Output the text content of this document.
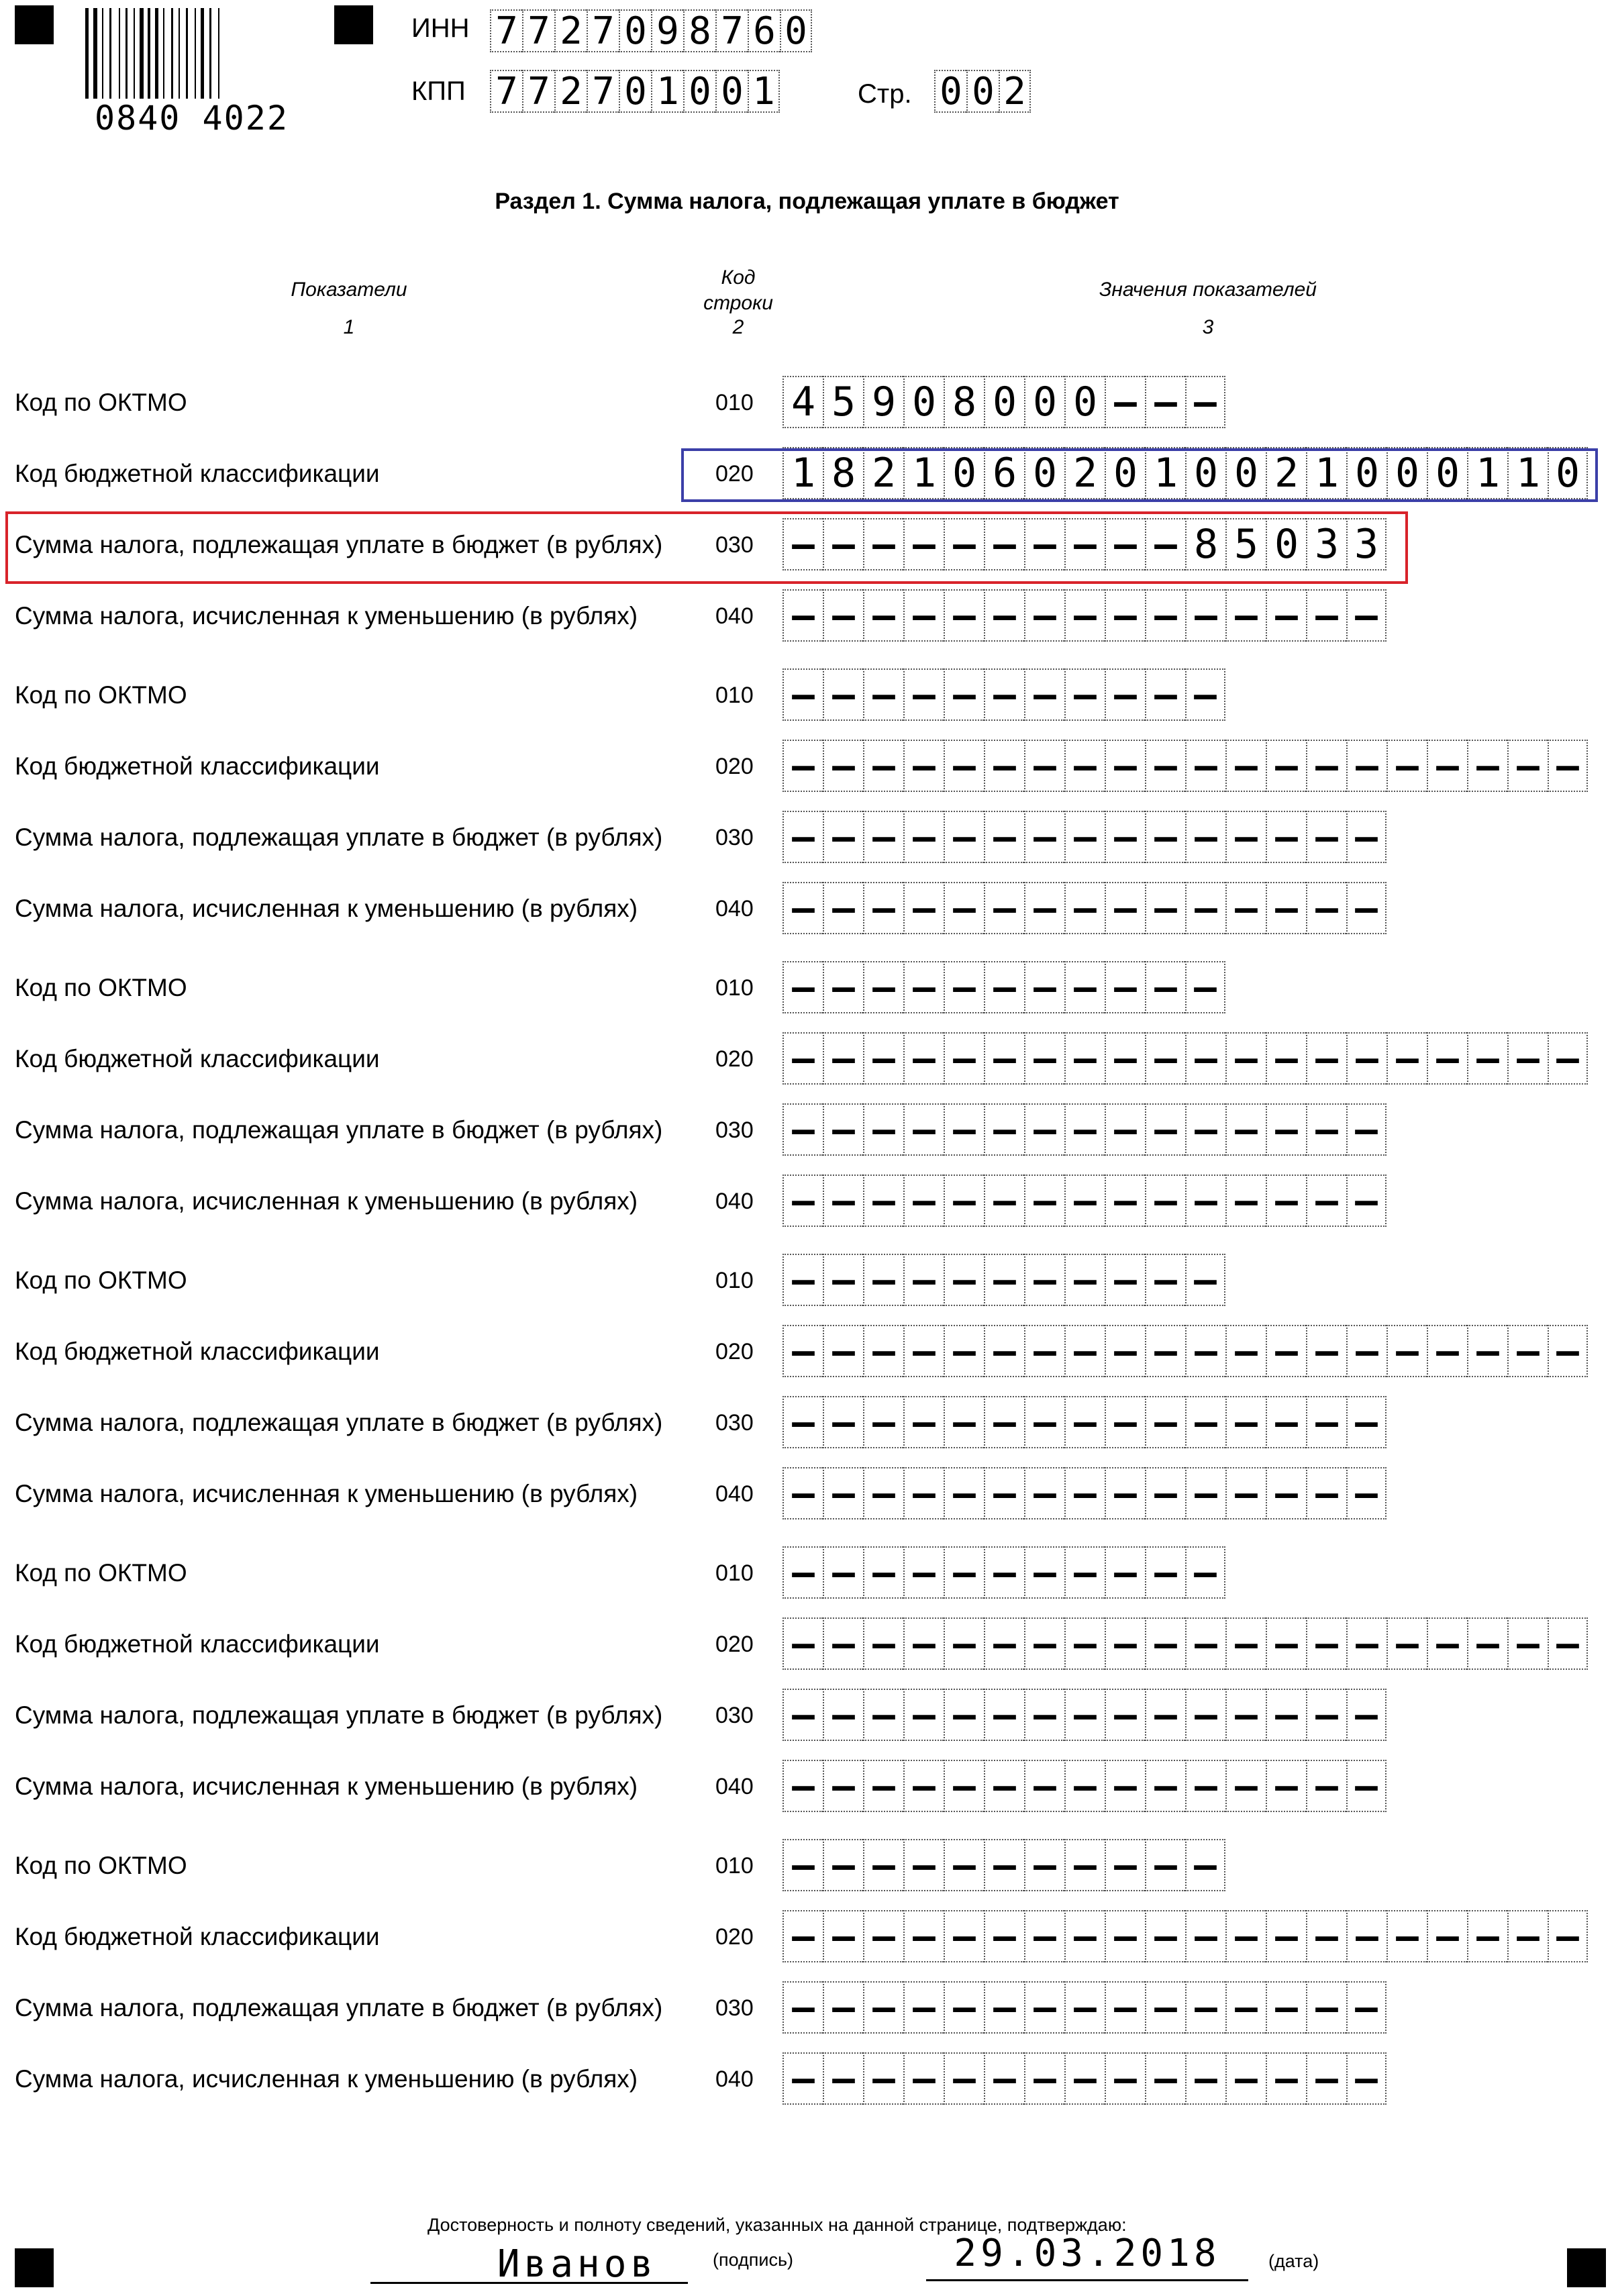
0840 4022
ИНН 7 7 2 7 0 9 8 7 6 0
КПП 7 7 2 7 0 1 0 0 1	Стр. 0 0 2
Раздел 1. Сумма налога, подлежащая уплате в бюджет
Показатели
1
Код
строки
2
Значения показателей
3
Код по ОКТМО	010 4 5 9 0 8 0 0 0 – – –
Код бюджетной классификации	020 1 8 2 1 0 6 0 2 0 1 0 0 2 1 0 0 0 1 1 0
Сумма налога, подлежащая уплате в бюджет (в рублях) 030 – – – – – – – – – – 8 5 0 3 3
Сумма налога, исчисленная к уменьшению (в рублях)	040 – – – – – – – – – – – – – – –
Код по ОКТМО	010 – – – – – – – – – – –
Код бюджетной классификации	020 – – – – – – – – – – – – – – – – – – – –
Сумма налога, подлежащая уплате в бюджет (в рублях) 030 – – – – – – – – – – – – – – –
Сумма налога, исчисленная к уменьшению (в рублях)	040 – – – – – – – – – – – – – – –
Код по ОКТМО	010 – – – – – – – – – – –
Код бюджетной классификации	020 – – – – – – – – – – – – – – – – – – – –
Сумма налога, подлежащая уплате в бюджет (в рублях) 030 – – – – – – – – – – – – – – –
Сумма налога, исчисленная к уменьшению (в рублях)	040 – – – – – – – – – – – – – – –
Код по ОКТМО	010 – – – – – – – – – – –
Код бюджетной классификации	020 – – – – – – – – – – – – – – – – – – – –
Сумма налога, подлежащая уплате в бюджет (в рублях) 030 – – – – – – – – – – – – – – –
Сумма налога, исчисленная к уменьшению (в рублях)	040 – – – – – – – – – – – – – – –
Код по ОКТМО	010 – – – – – – – – – – –
Код бюджетной классификации	020 – – – – – – – – – – – – – – – – – – – –
Сумма налога, подлежащая уплате в бюджет (в рублях) 030 – – – – – – – – – – – – – – –
Сумма налога, исчисленная к уменьшению (в рублях)	040 – – – – – – – – – – – – – – –
Код по ОКТМО	010 – – – – – – – – – – –
Код бюджетной классификации	020 – – – – – – – – – – – – – – – – – – – –
Сумма налога, подлежащая уплате в бюджет (в рублях) 030 – – – – – – – – – – – – – – –
Сумма налога, исчисленная к уменьшению (в рублях)	040 – – – – – – – – – – – – – – –
Достоверность и полноту сведений, указанных на данной странице, подтверждаю:
Иванов	(подпись)	29.03.2018	(дата)
